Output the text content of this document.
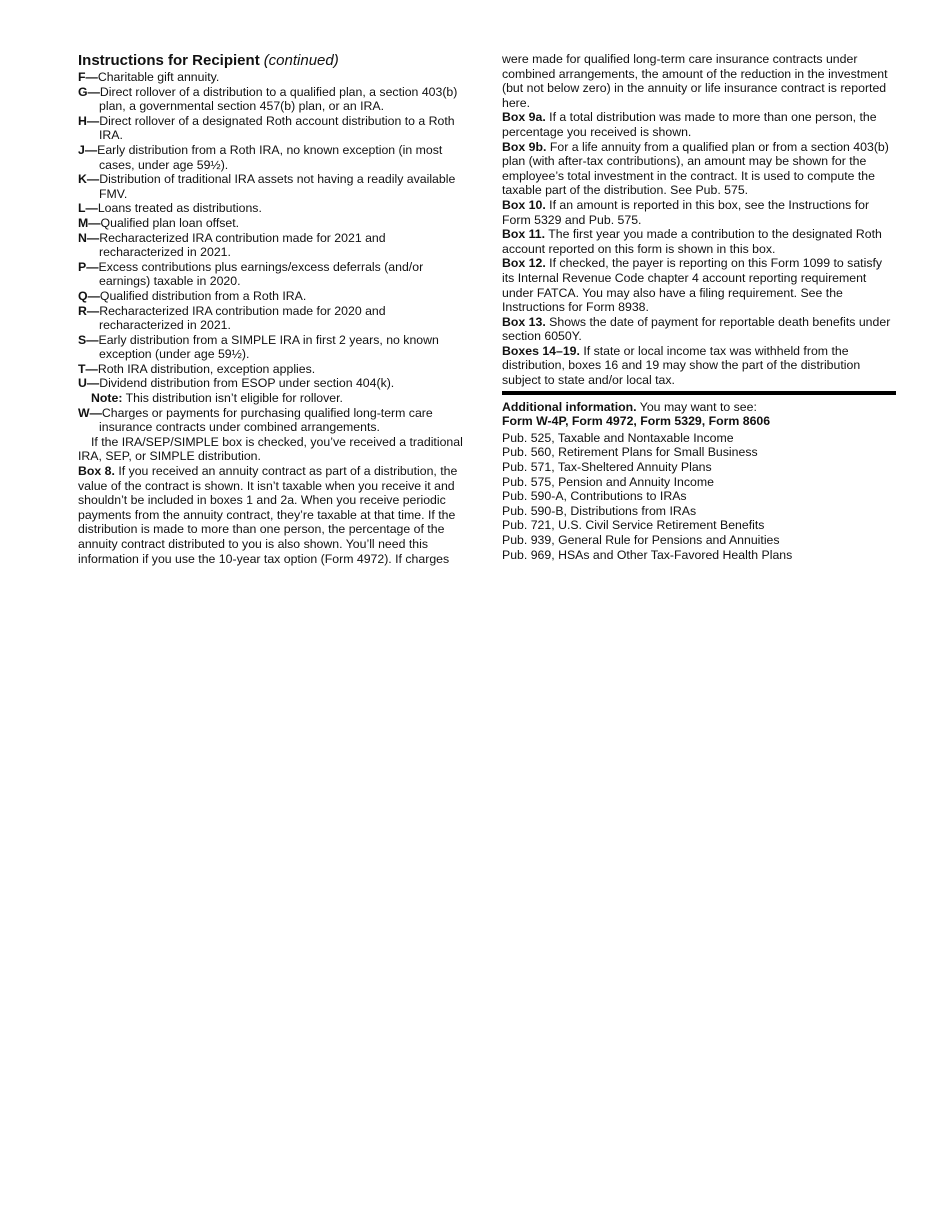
Instructions for Recipient (continued)
F—Charitable gift annuity.
G—Direct rollover of a distribution to a qualified plan, a section 403(b) plan, a governmental section 457(b) plan, or an IRA.
H—Direct rollover of a designated Roth account distribution to a Roth IRA.
J—Early distribution from a Roth IRA, no known exception (in most cases, under age 59½).
K—Distribution of traditional IRA assets not having a readily available FMV.
L—Loans treated as distributions.
M—Qualified plan loan offset.
N—Recharacterized IRA contribution made for 2021 and recharacterized in 2021.
P—Excess contributions plus earnings/excess deferrals (and/or earnings) taxable in 2020.
Q—Qualified distribution from a Roth IRA.
R—Recharacterized IRA contribution made for 2020 and recharacterized in 2021.
S—Early distribution from a SIMPLE IRA in first 2 years, no known exception (under age 59½).
T—Roth IRA distribution, exception applies.
U—Dividend distribution from ESOP under section 404(k).
Note: This distribution isn’t eligible for rollover.
W—Charges or payments for purchasing qualified long-term care insurance contracts under combined arrangements.
If the IRA/SEP/SIMPLE box is checked, you’ve received a traditional IRA, SEP, or SIMPLE distribution.
Box 8. If you received an annuity contract as part of a distribution, the value of the contract is shown. It isn’t taxable when you receive it and shouldn’t be included in boxes 1 and 2a. When you receive periodic payments from the annuity contract, they’re taxable at that time. If the distribution is made to more than one person, the percentage of the annuity contract distributed to you is also shown. You’ll need this information if you use the 10-year tax option (Form 4972). If charges
were made for qualified long-term care insurance contracts under combined arrangements, the amount of the reduction in the investment (but not below zero) in the annuity or life insurance contract is reported here.
Box 9a. If a total distribution was made to more than one person, the percentage you received is shown.
Box 9b. For a life annuity from a qualified plan or from a section 403(b) plan (with after-tax contributions), an amount may be shown for the employee’s total investment in the contract. It is used to compute the taxable part of the distribution. See Pub. 575.
Box 10. If an amount is reported in this box, see the Instructions for Form 5329 and Pub. 575.
Box 11. The first year you made a contribution to the designated Roth account reported on this form is shown in this box.
Box 12. If checked, the payer is reporting on this Form 1099 to satisfy its Internal Revenue Code chapter 4 account reporting requirement under FATCA. You may also have a filing requirement. See the Instructions for Form 8938.
Box 13. Shows the date of payment for reportable death benefits under section 6050Y.
Boxes 14–19. If state or local income tax was withheld from the distribution, boxes 16 and 19 may show the part of the distribution subject to state and/or local tax.
Additional information. You may want to see:
Form W-4P, Form 4972, Form 5329, Form 8606
Pub. 525, Taxable and Nontaxable Income
Pub. 560, Retirement Plans for Small Business
Pub. 571, Tax-Sheltered Annuity Plans
Pub. 575, Pension and Annuity Income
Pub. 590-A, Contributions to IRAs
Pub. 590-B, Distributions from IRAs
Pub. 721, U.S. Civil Service Retirement Benefits
Pub. 939, General Rule for Pensions and Annuities
Pub. 969, HSAs and Other Tax-Favored Health Plans
